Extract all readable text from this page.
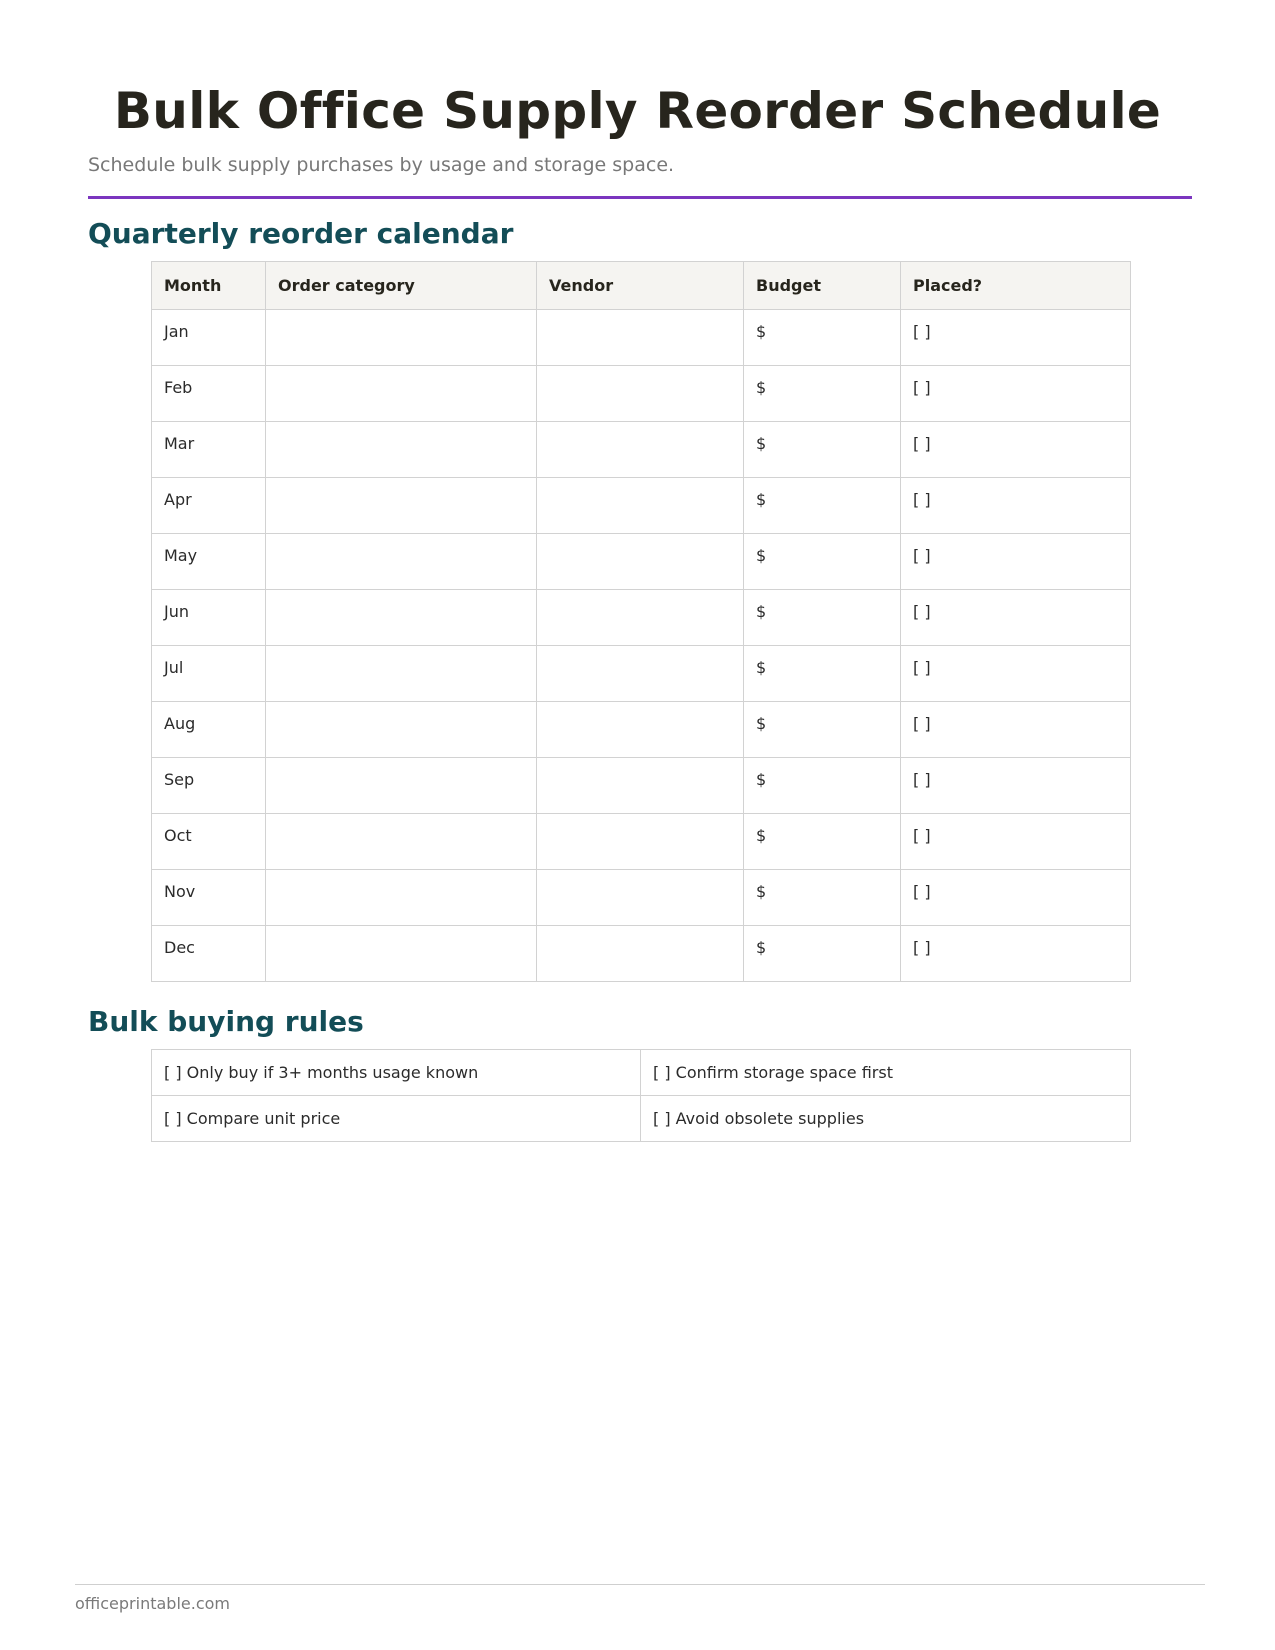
Bulk Office Supply Reorder Schedule

Schedule bulk supply purchases by usage and storage space.

Quarterly reorder calendar
Month	Order category	Vendor	Budget	Placed?
Jan			$	[ ]
Feb			$	[ ]
Mar			$	[ ]
Apr			$	[ ]
May			$	[ ]
Jun			$	[ ]
Jul			$	[ ]
Aug			$	[ ]
Sep			$	[ ]
Oct			$	[ ]
Nov			$	[ ]
Dec			$	[ ]
Bulk buying rules
[ ] Only buy if 3+ months usage known	[ ] Confirm storage space first
[ ] Compare unit price	[ ] Avoid obsolete supplies

officeprintable.com
